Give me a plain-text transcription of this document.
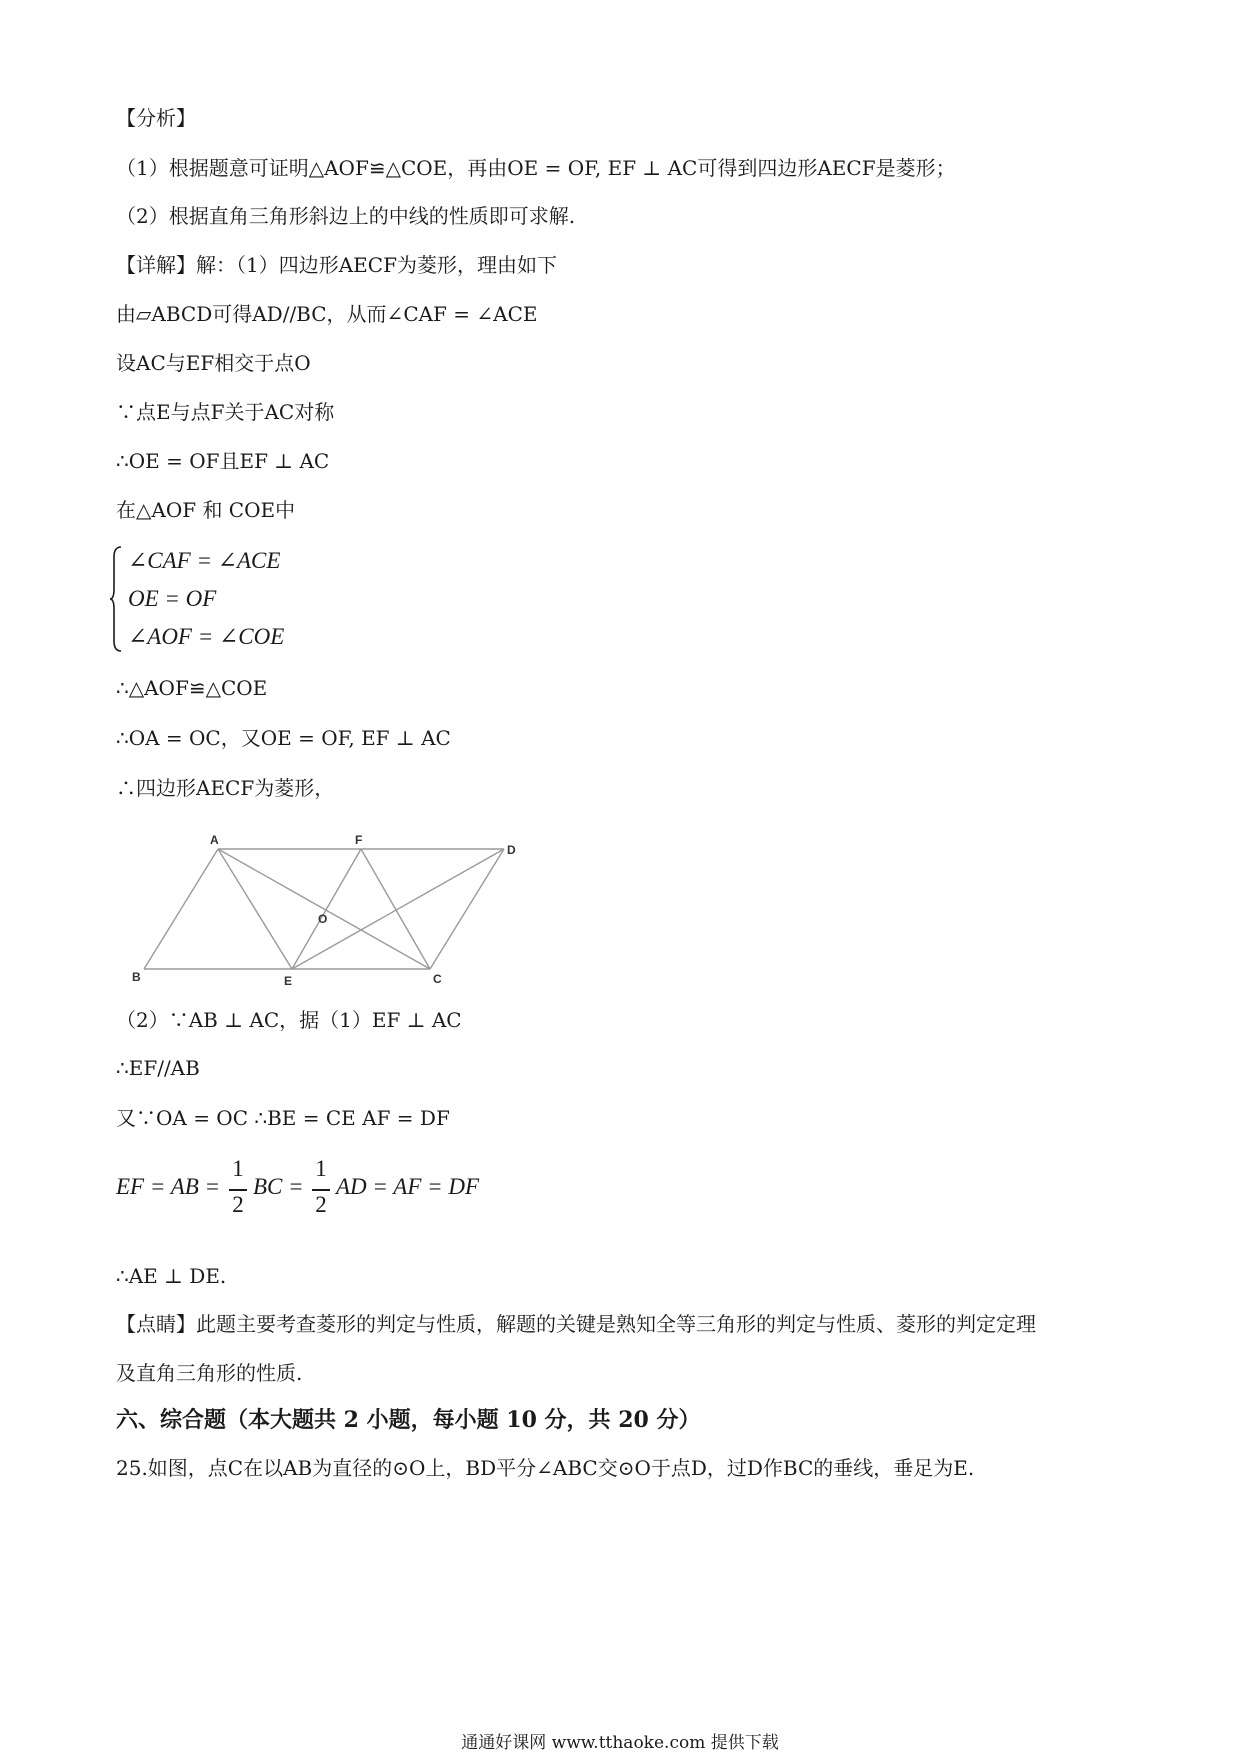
【分析】
（1）根据题意可证明△AOF≌△COE，再由OE = OF, EF ⊥ AC可得到四边形AECF是菱形；
（2）根据直角三角形斜边上的中线的性质即可求解.
【详解】解：（1）四边形AECF为菱形，理由如下
由▱ABCD可得AD//BC，从而∠CAF = ∠ACE
设AC与EF相交于点O
∵点E与点F关于AC对称
∴OE = OF且EF ⊥ AC
在△AOF 和 COE中
∠CAF = ∠ACE
OE = OF
∠AOF = ∠COE
∴△AOF≌△COE
∴OA = OC，又OE = OF, EF ⊥ AC
∴四边形AECF为菱形，
A	F
D
B	E	C
O
（2）∵AB ⊥ AC，据（1）EF ⊥ AC
∴EF//AB
又∵OA = OC ∴BE = CE AF = DF
EF = AB =
1
2
BC =
1
2
AD = AF = DF
∴AE ⊥ DE.
【点睛】此题主要考查菱形的判定与性质，解题的关键是熟知全等三角形的判定与性质、菱形的判定定理
及直角三角形的性质.
六、综合题（本大题共 2 小题，每小题 10 分，共 20 分）
25.如图，点C在以AB为直径的⊙O上，BD平分∠ABC交⊙O于点D，过D作BC的垂线，垂足为E.
通通好课网 www.tthaoke.com 提供下载
